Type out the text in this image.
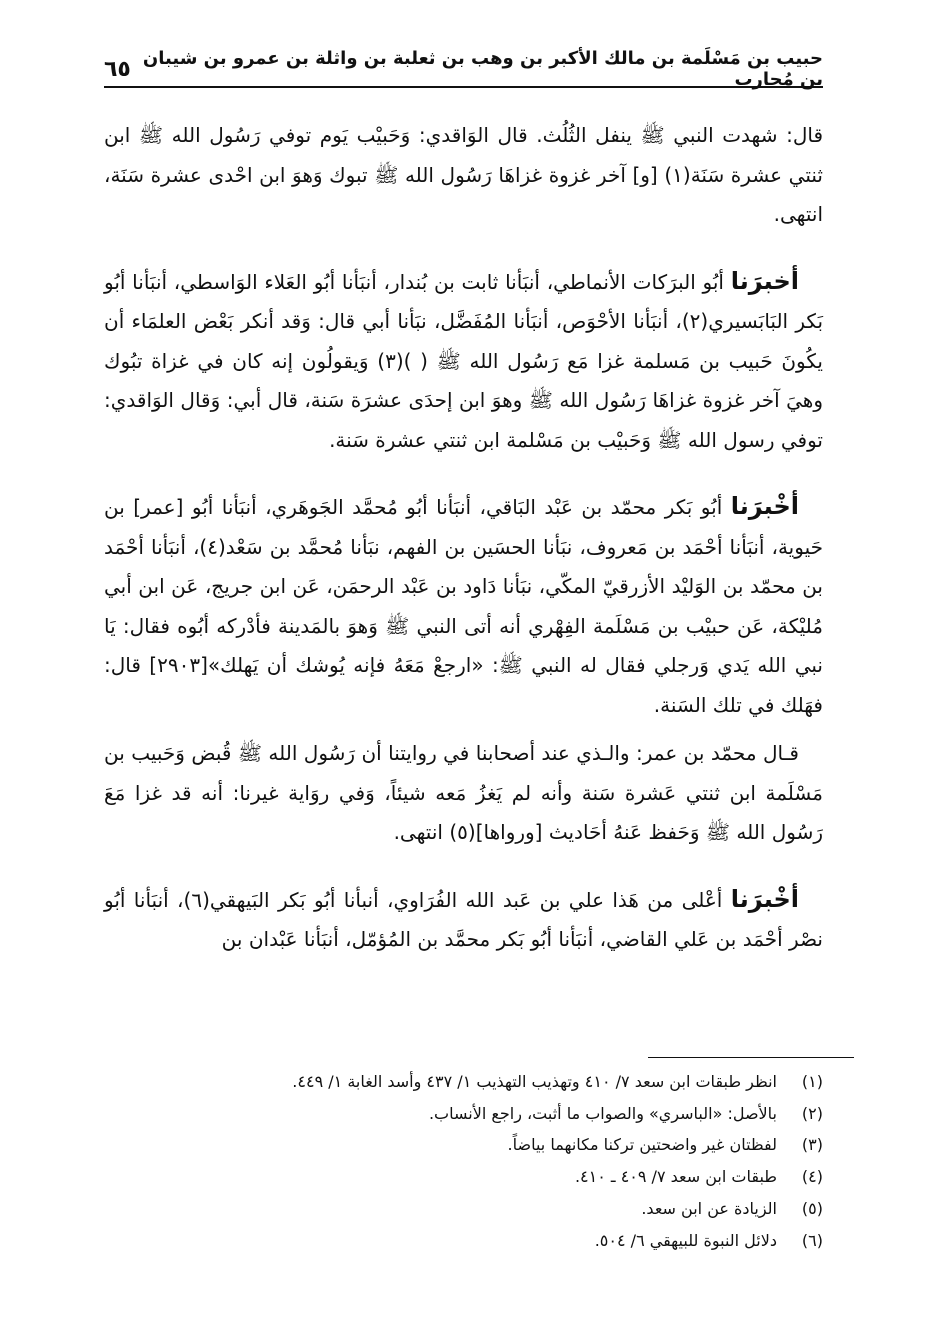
حبيب بن مَسْلَمة بن مالك الأكبر بن وهب بن ثعلبة بن واثلة بن عمرو بن شيبان بن مُحارب
٦٥

قال: شهدت النبي ﷺ ينفل الثُلُث. قال الوَاقدي: وَحَبيْب يَوم توفي رَسُول الله ﷺ ابن ثنتي عشرة سَنَة(١) [و] آخر غزوة غزاهَا رَسُول الله ﷺ تبوك وَهوَ ابن احْدى عشرة سَنَة، انتهى.

أخبرَنا أبُو البرَكات الأنماطي، أنبَأنا ثابت بن بُندار، أنبَأنا أبُو العَلاء الوَاسطي، أنبَأنا أبُو بَكر البَابَسيري(٢)، أنبَأنا الأحْوَص، أنبَأنا المُفَضَّل، نبَأنا أبي قال: وَقد أنكر بَعْض العلمَاء أن يكُونَ حَبيب بن مَسلمة غزا مَع رَسُول الله ﷺ ( )(٣) وَيقولُون إنه كان في غزاة تبُوك وهيَ آخر غزوة غزاهَا رَسُول الله ﷺ وهوَ ابن إحدَى عشرَة سَنة، قال أبي: وَقال الوَاقدي: توفي رسول الله ﷺ وَحَبيْب بن مَسْلمة ابن ثنتي عشرة سَنة.

أخْبرَنا أبُو بَكر محمّد بن عَبْد البَاقي، أنبَأنا أبُو مُحمَّد الجَوهَري، أنبَأنا أبُو [عمر] بن حَيوية، أنبَأنا أحْمَد بن مَعروف، نبَأنا الحسَين بن الفهم، نبَأنا مُحمَّد بن سَعْد(٤)، أنبَأنا أحْمَد بن محمّد بن الوَليْد الأزرقيّ المكّي، نبَأنا دَاود بن عَبْد الرحمَن، عَن ابن جريج، عَن ابن أبي مُليْكة، عَن حبيْب بن مَسْلَمة الفِهْري أنه أتى النبي ﷺ وَهوَ بالمَدينة فأدْركه أبُوه فقال: يَا نبي الله يَدي وَرجلي فقال له النبي ﷺ: «ارجعْ مَعَهُ فإنه يُوشك أن يَهلك»[٢٩٠٣] قال: فهَلك في تلك السَنة.

قـال محمّد بن عمر: والـذي عند أصحابنا في روايتنا أن رَسُول الله ﷺ قُبض وَحَبيب بن مَسْلَمة ابن ثنتي عَشرة سَنة وأنه لم يَغزُ مَعه شيئاً، وَفي روَاية غيرنا: أنه قد غزا مَعَ رَسُول الله ﷺ وَحَفظ عَنهُ أحَاديث [ورواها](٥) انتهى.

أخْبرَنا أعْلى من هَذا علي بن عَبد الله الفُرَاوي، أنبأنا أبُو بَكر البَيهقي(٦)، أنبَأنا أبُو نصْر أحْمَد بن عَلي القاضي، أنبَأنا أبُو بَكر محمَّد بن المُؤمّل، أنبَأنا عَبْدان بن

(١)
انظر طبقات ابن سعد ٧/ ٤١٠ وتهذيب التهذيب ١/ ٤٣٧ وأسد الغابة ١/ ٤٤٩.
(٢)
بالأصل: «الباسري» والصواب ما أثبت، راجع الأنساب.
(٣)
لفظتان غير واضحتين تركنا مكانهما بياضاً.
(٤)
طبقات ابن سعد ٧/ ٤٠٩ ـ ٤١٠.
(٥)
الزيادة عن ابن سعد.
(٦)
دلائل النبوة للبيهقي ٦/ ٥٠٤.
